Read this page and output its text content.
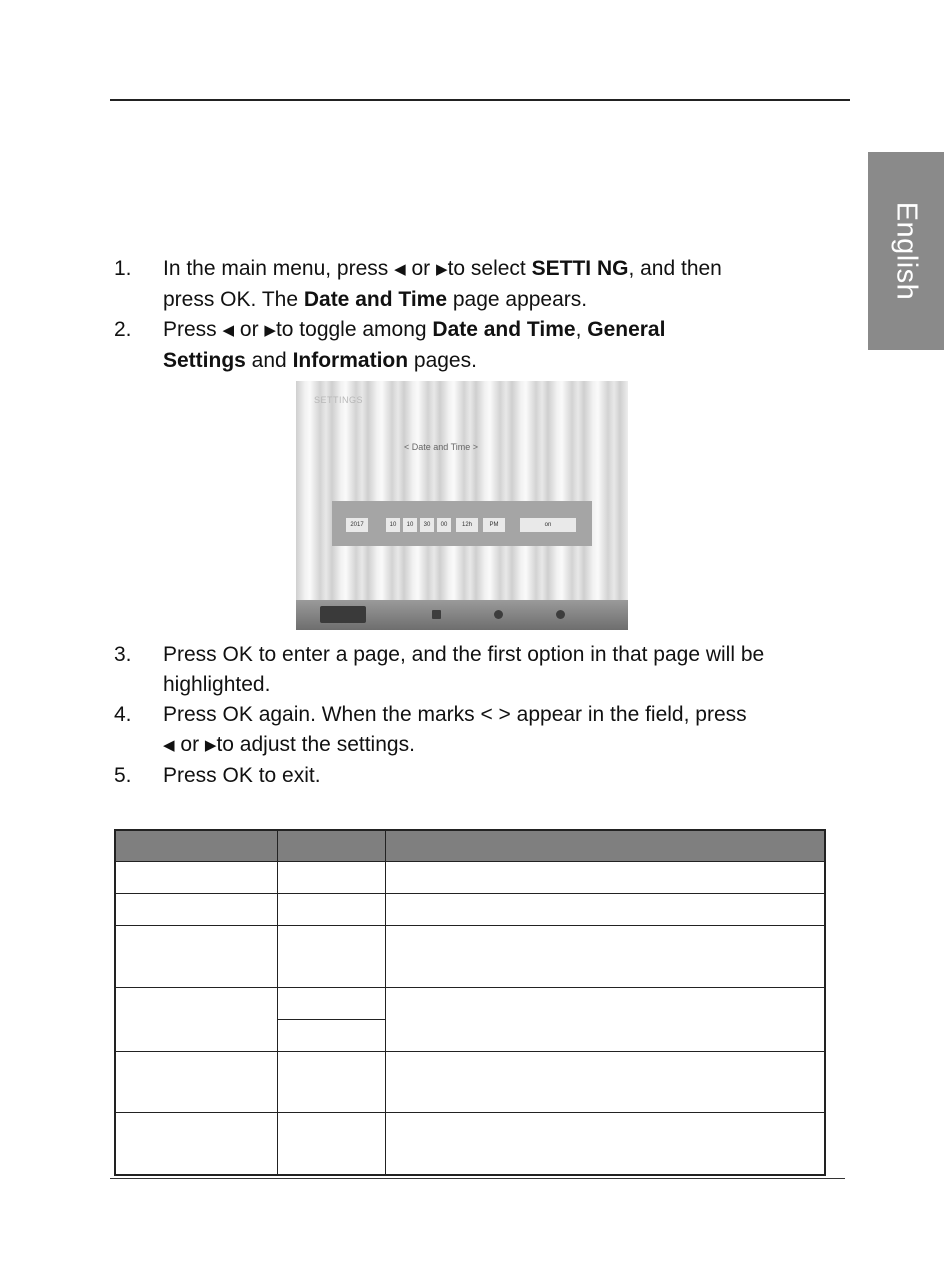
English
1. In the main menu, press ◀ or ▶to select SETTI NG, and then
press OK. The Date and Time page appears.
2. Press ◀ or ▶to toggle among Date and Time, General
Settings and Information pages.
SETTINGS
< Date and Time >
2017	10	10	30	00	12h	PM	on
3. Press OK to enter a page, and the first option in that page will be
highlighted.
4. Press OK again. When the marks < > appear in the field, press
◀ or ▶to adjust the settings.
5. Press OK to exit.
